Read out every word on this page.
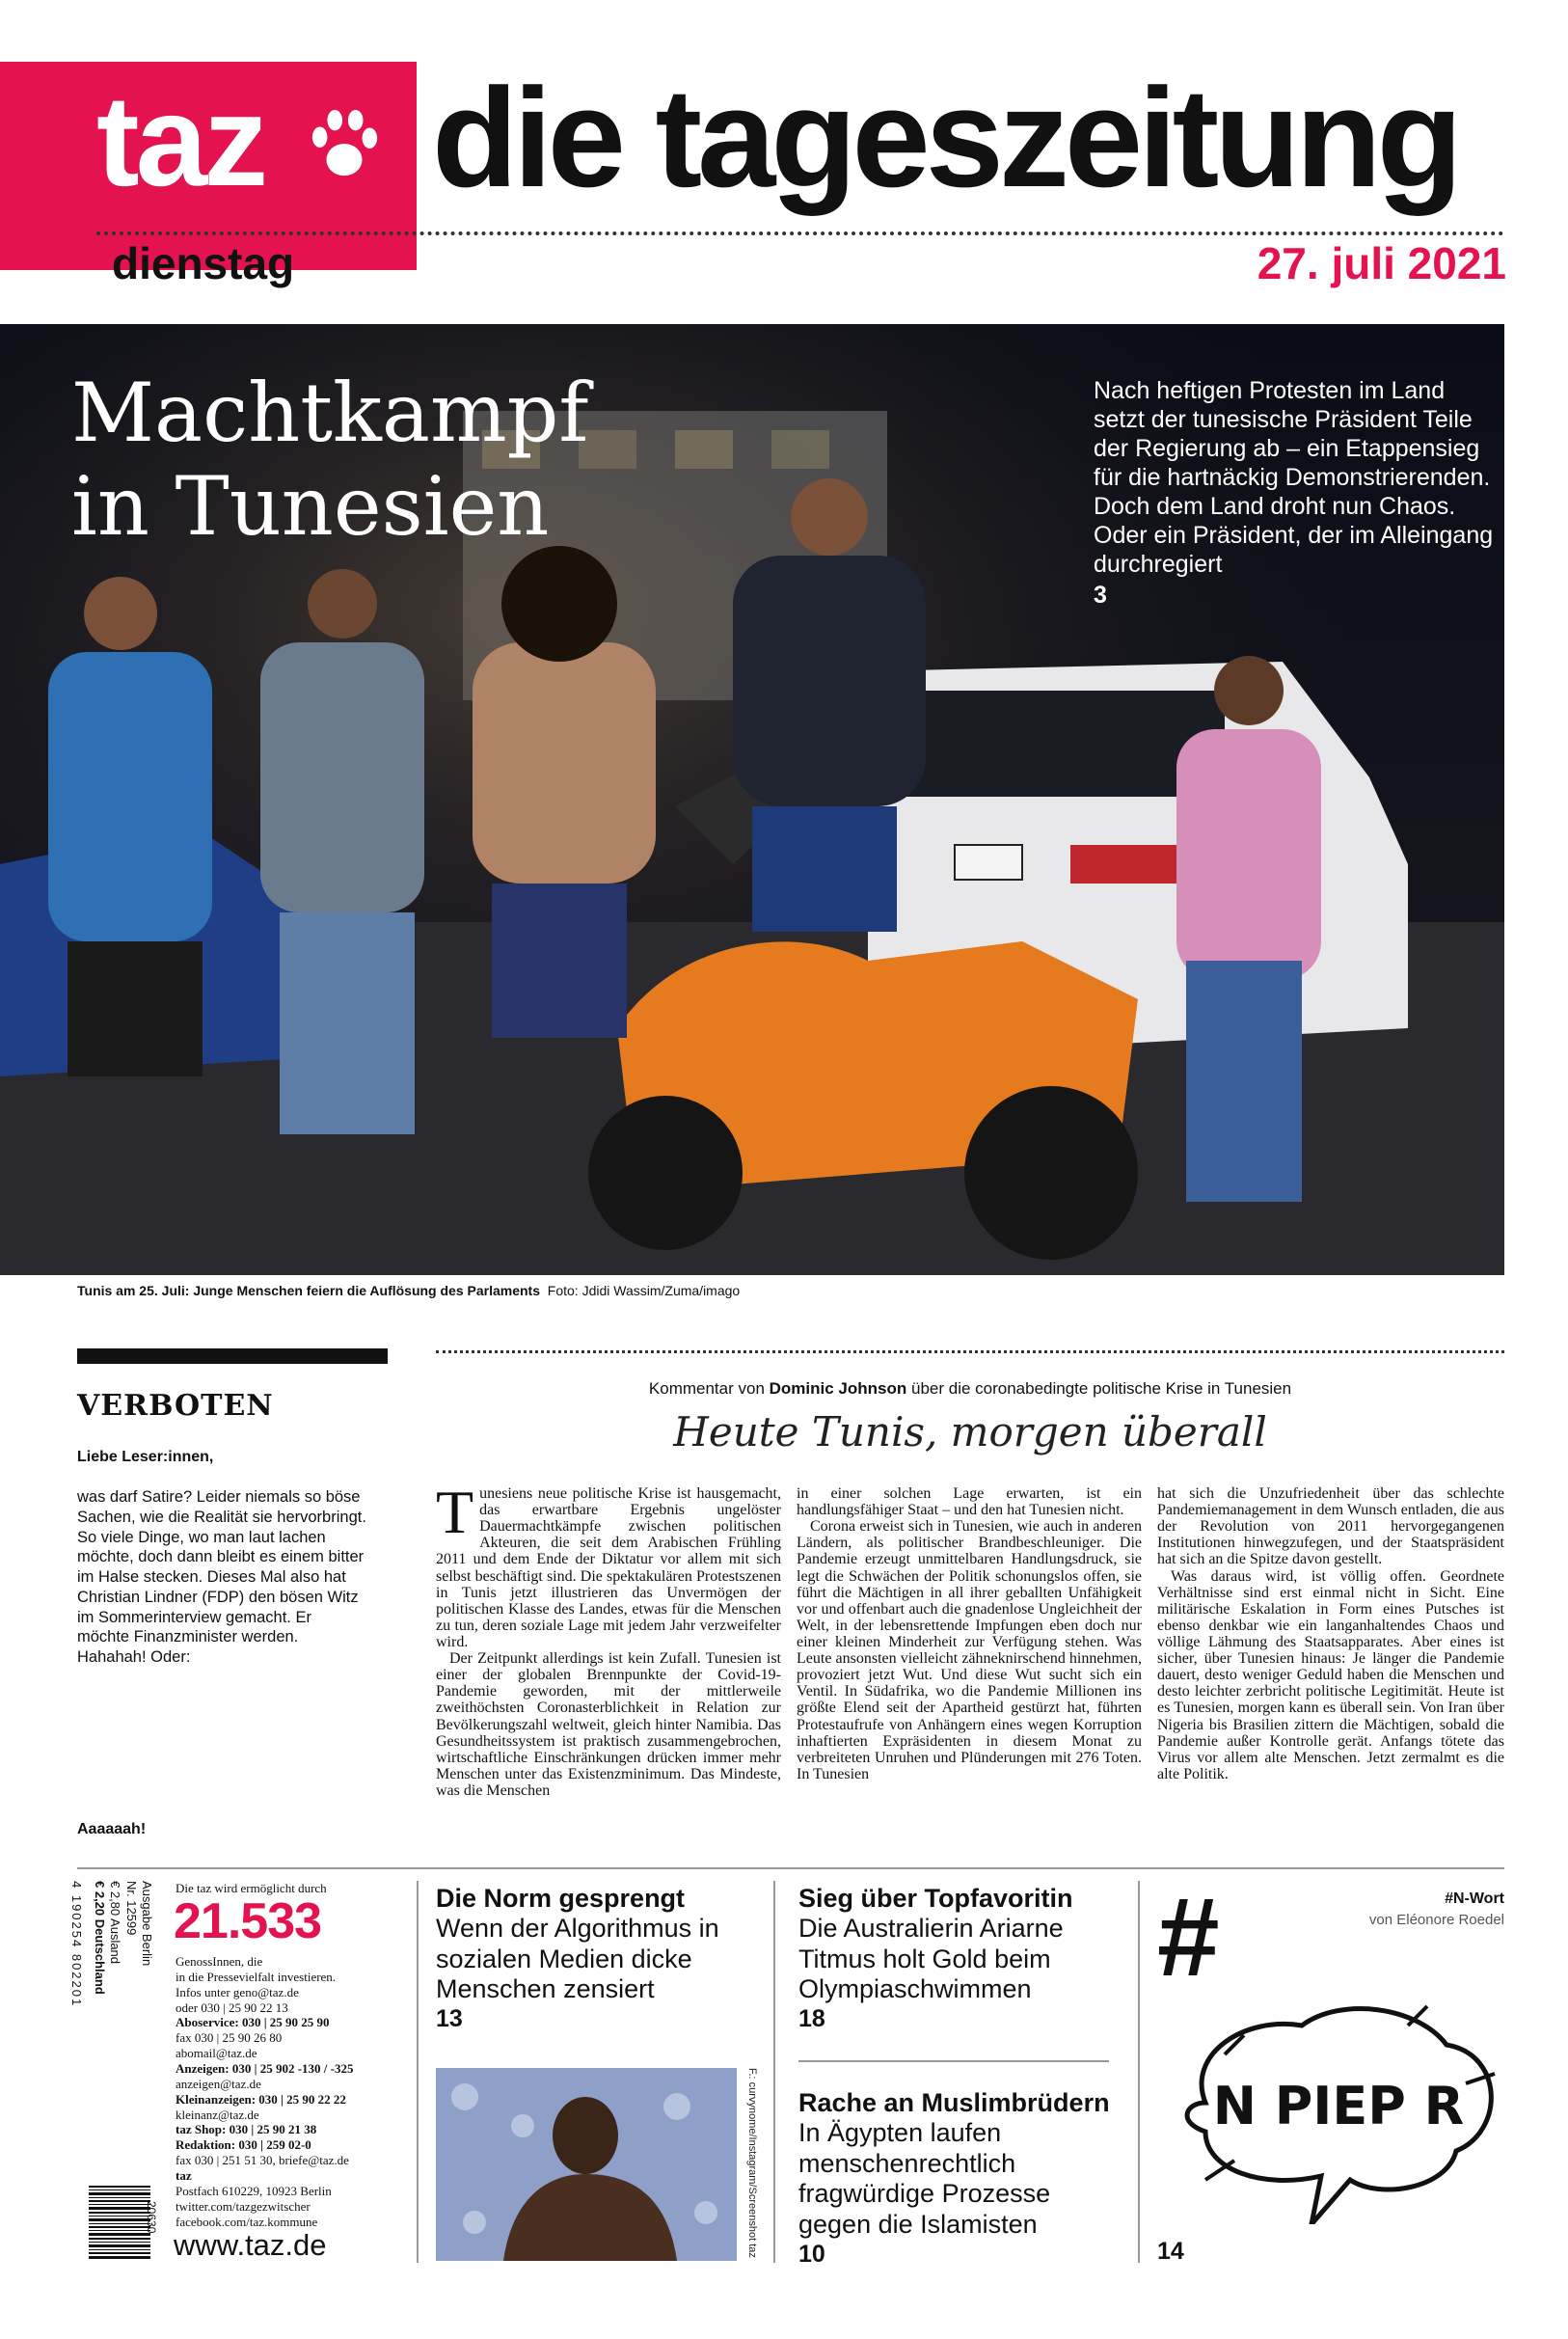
taz die tageszeitung
dienstag	27. juli 2021
Machtkampf
in Tunesien
Nach heftigen Protesten im Land setzt der tunesische Präsident Teile der Regierung ab – ein Etappensieg für die hartnäckig Demonstrierenden. Doch dem Land droht nun Chaos. Oder ein Präsident, der im Alleingang durchregiert
3
Tunis am 25. Juli: Junge Menschen feiern die Auflösung des Parlaments Foto: Jdidi Wassim/Zuma/imago
VERBOTEN
Liebe Leser:innen,
was darf Satire? Leider niemals so böse Sachen, wie die Realität sie hervorbringt. So viele Dinge, wo man laut lachen möchte, doch dann bleibt es einem bitter im Halse stecken. Dieses Mal also hat Christian Lindner (FDP) den bösen Witz im Sommerinterview gemacht. Er möchte Finanzminister werden. Hahahah! Oder:
Aaaaaah!
Kommentar von Dominic Johnson über die coronabedingte politische Krise in Tunesien
Heute Tunis, morgen überall

Tunesiens neue politische Krise ist hausgemacht, das erwartbare Ergebnis ungelöster Dauermachtkämpfe zwischen politischen Akteuren, die seit dem Arabischen Frühling 2011 und dem Ende der Diktatur vor allem mit sich selbst beschäftigt sind. Die spektakulären Protestszenen in Tunis jetzt illustrieren das Unvermögen der politischen Klasse des Landes, etwas für die Menschen zu tun, deren soziale Lage mit jedem Jahr verzweifelter wird.

Der Zeitpunkt allerdings ist kein Zufall. Tunesien ist einer der globalen Brennpunkte der Covid-19-Pandemie geworden, mit der mittlerweile zweithöchsten Coronasterblichkeit in Relation zur Bevölkerungszahl weltweit, gleich hinter Namibia. Das Gesundheitssystem ist praktisch zusammengebrochen, wirtschaftliche Einschränkungen drücken immer mehr Menschen unter das Existenzminimum. Das Mindeste, was die Menschen

in einer solchen Lage erwarten, ist ein handlungsfähiger Staat – und den hat Tunesien nicht.

Corona erweist sich in Tunesien, wie auch in anderen Ländern, als politischer Brandbeschleuniger. Die Pandemie erzeugt unmittelbaren Handlungsdruck, sie legt die Schwächen der Politik schonungslos offen, sie führt die Mächtigen in all ihrer geballten Unfähigkeit vor und offenbart auch die gnadenlose Ungleichheit der Welt, in der lebensrettende Impfungen eben doch nur einer kleinen Minderheit zur Verfügung stehen. Was Leute ansonsten vielleicht zähneknirschend hinnehmen, provoziert jetzt Wut. Und diese Wut sucht sich ein Ventil. In Südafrika, wo die Pandemie Millionen ins größte Elend seit der Apartheid gestürzt hat, führten Protestaufrufe von Anhängern eines wegen Korruption inhaftierten Expräsidenten in diesem Monat zu verbreiteten Unruhen und Plünderungen mit 276 Toten. In Tunesien

hat sich die Unzufriedenheit über das schlechte Pandemiemanagement in dem Wunsch entladen, die aus der Revolution von 2011 hervorgegangenen Institutionen hinwegzufegen, und der Staatspräsident hat sich an die Spitze davon gestellt.

Was daraus wird, ist völlig offen. Geordnete Verhältnisse sind erst einmal nicht in Sicht. Eine militärische Eskalation in Form eines Putsches ist ebenso denkbar wie ein langanhaltendes Chaos und völlige Lähmung des Staatsapparates. Aber eines ist sicher, über Tunesien hinaus: Je länger die Pandemie dauert, desto weniger Geduld haben die Menschen und desto leichter zerbricht politische Legitimität. Heute ist es Tunesien, morgen kann es überall sein. Von Iran über Nigeria bis Brasilien zittern die Mächtigen, sobald die Pandemie außer Kontrolle gerät. Anfangs tötete das Virus vor allem alte Menschen. Jetzt zermalmt es die alte Politik.

Ausgabe Berlin
Nr. 12599
€ 2,80 Ausland
€ 2,20 Deutschland
4 190254 802201
20630
Die taz wird ermöglicht durch
21.533
GenossInnen, die
in die Pressevielfalt investieren.
Infos unter geno@taz.de
oder 030 | 25 90 22 13
Aboservice: 030 | 25 90 25 90
fax 030 | 25 90 26 80
abomail@taz.de
Anzeigen: 030 | 25 902 -130 / -325
anzeigen@taz.de
Kleinanzeigen: 030 | 25 90 22 22
kleinanz@taz.de
taz Shop: 030 | 25 90 21 38
Redaktion: 030 | 259 02-0
fax 030 | 251 51 30, briefe@taz.de
taz
Postfach 610229, 10923 Berlin
twitter.com/tazgezwitscher
facebook.com/taz.kommune
www.taz.de
Die Norm gesprengt
Wenn der Algorithmus in sozialen Medien dicke Menschen zensiert
13
F.: curvynome/Instagram/Screenshot taz
Sieg über Topfavoritin
Die Australierin Ariarne Titmus holt Gold beim Olympiaschwimmen
18
Rache an Muslimbrüdern
In Ägypten laufen menschenrechtlich fragwürdige Prozesse gegen die Islamisten
10
#	#N-Wort
von Eléonore Roedel
N PIEP R
14
